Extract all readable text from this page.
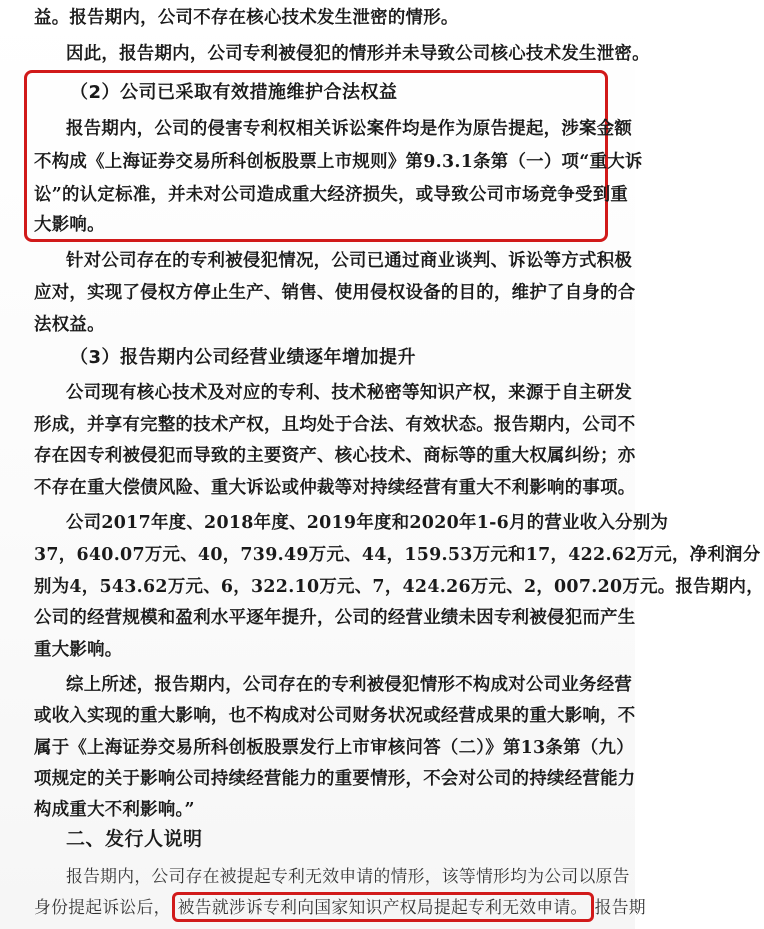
益。报告期内，公司不存在核心技术发生泄密的情形。
因此，报告期内，公司专利被侵犯的情形并未导致公司核心技术发生泄密。
（2）公司已采取有效措施维护合法权益
报告期内，公司的侵害专利权相关诉讼案件均是作为原告提起，涉案金额
不构成《上海证券交易所科创板股票上市规则》第9.3.1条第（一）项“重大诉
讼”的认定标准，并未对公司造成重大经济损失，或导致公司市场竞争受到重
大影响。
针对公司存在的专利被侵犯情况，公司已通过商业谈判、诉讼等方式积极
应对，实现了侵权方停止生产、销售、使用侵权设备的目的，维护了自身的合
法权益。
（3）报告期内公司经营业绩逐年增加提升
公司现有核心技术及对应的专利、技术秘密等知识产权，来源于自主研发
形成，并享有完整的技术产权，且均处于合法、有效状态。报告期内，公司不
存在因专利被侵犯而导致的主要资产、核心技术、商标等的重大权属纠纷；亦
不存在重大偿债风险、重大诉讼或仲裁等对持续经营有重大不利影响的事项。
公司2017年度、2018年度、2019年度和2020年1-6月的营业收入分别为
37，640.07万元、40，739.49万元、44，159.53万元和17，422.62万元，净利润分
别为4，543.62万元、6，322.10万元、7，424.26万元、2，007.20万元。报告期内，
公司的经营规模和盈利水平逐年提升，公司的经营业绩未因专利被侵犯而产生
重大影响。
综上所述，报告期内，公司存在的专利被侵犯情形不构成对公司业务经营
或收入实现的重大影响，也不构成对公司财务状况或经营成果的重大影响，不
属于《上海证券交易所科创板股票发行上市审核问答（二）》第13条第（九）
项规定的关于影响公司持续经营能力的重要情形，不会对公司的持续经营能力
构成重大不利影响。”
二、发行人说明
报告期内，公司存在被提起专利无效申请的情形，该等情形均为公司以原告
身份提起诉讼后， 被告就涉诉专利向国家知识产权局提起专利无效申请。 报告期
